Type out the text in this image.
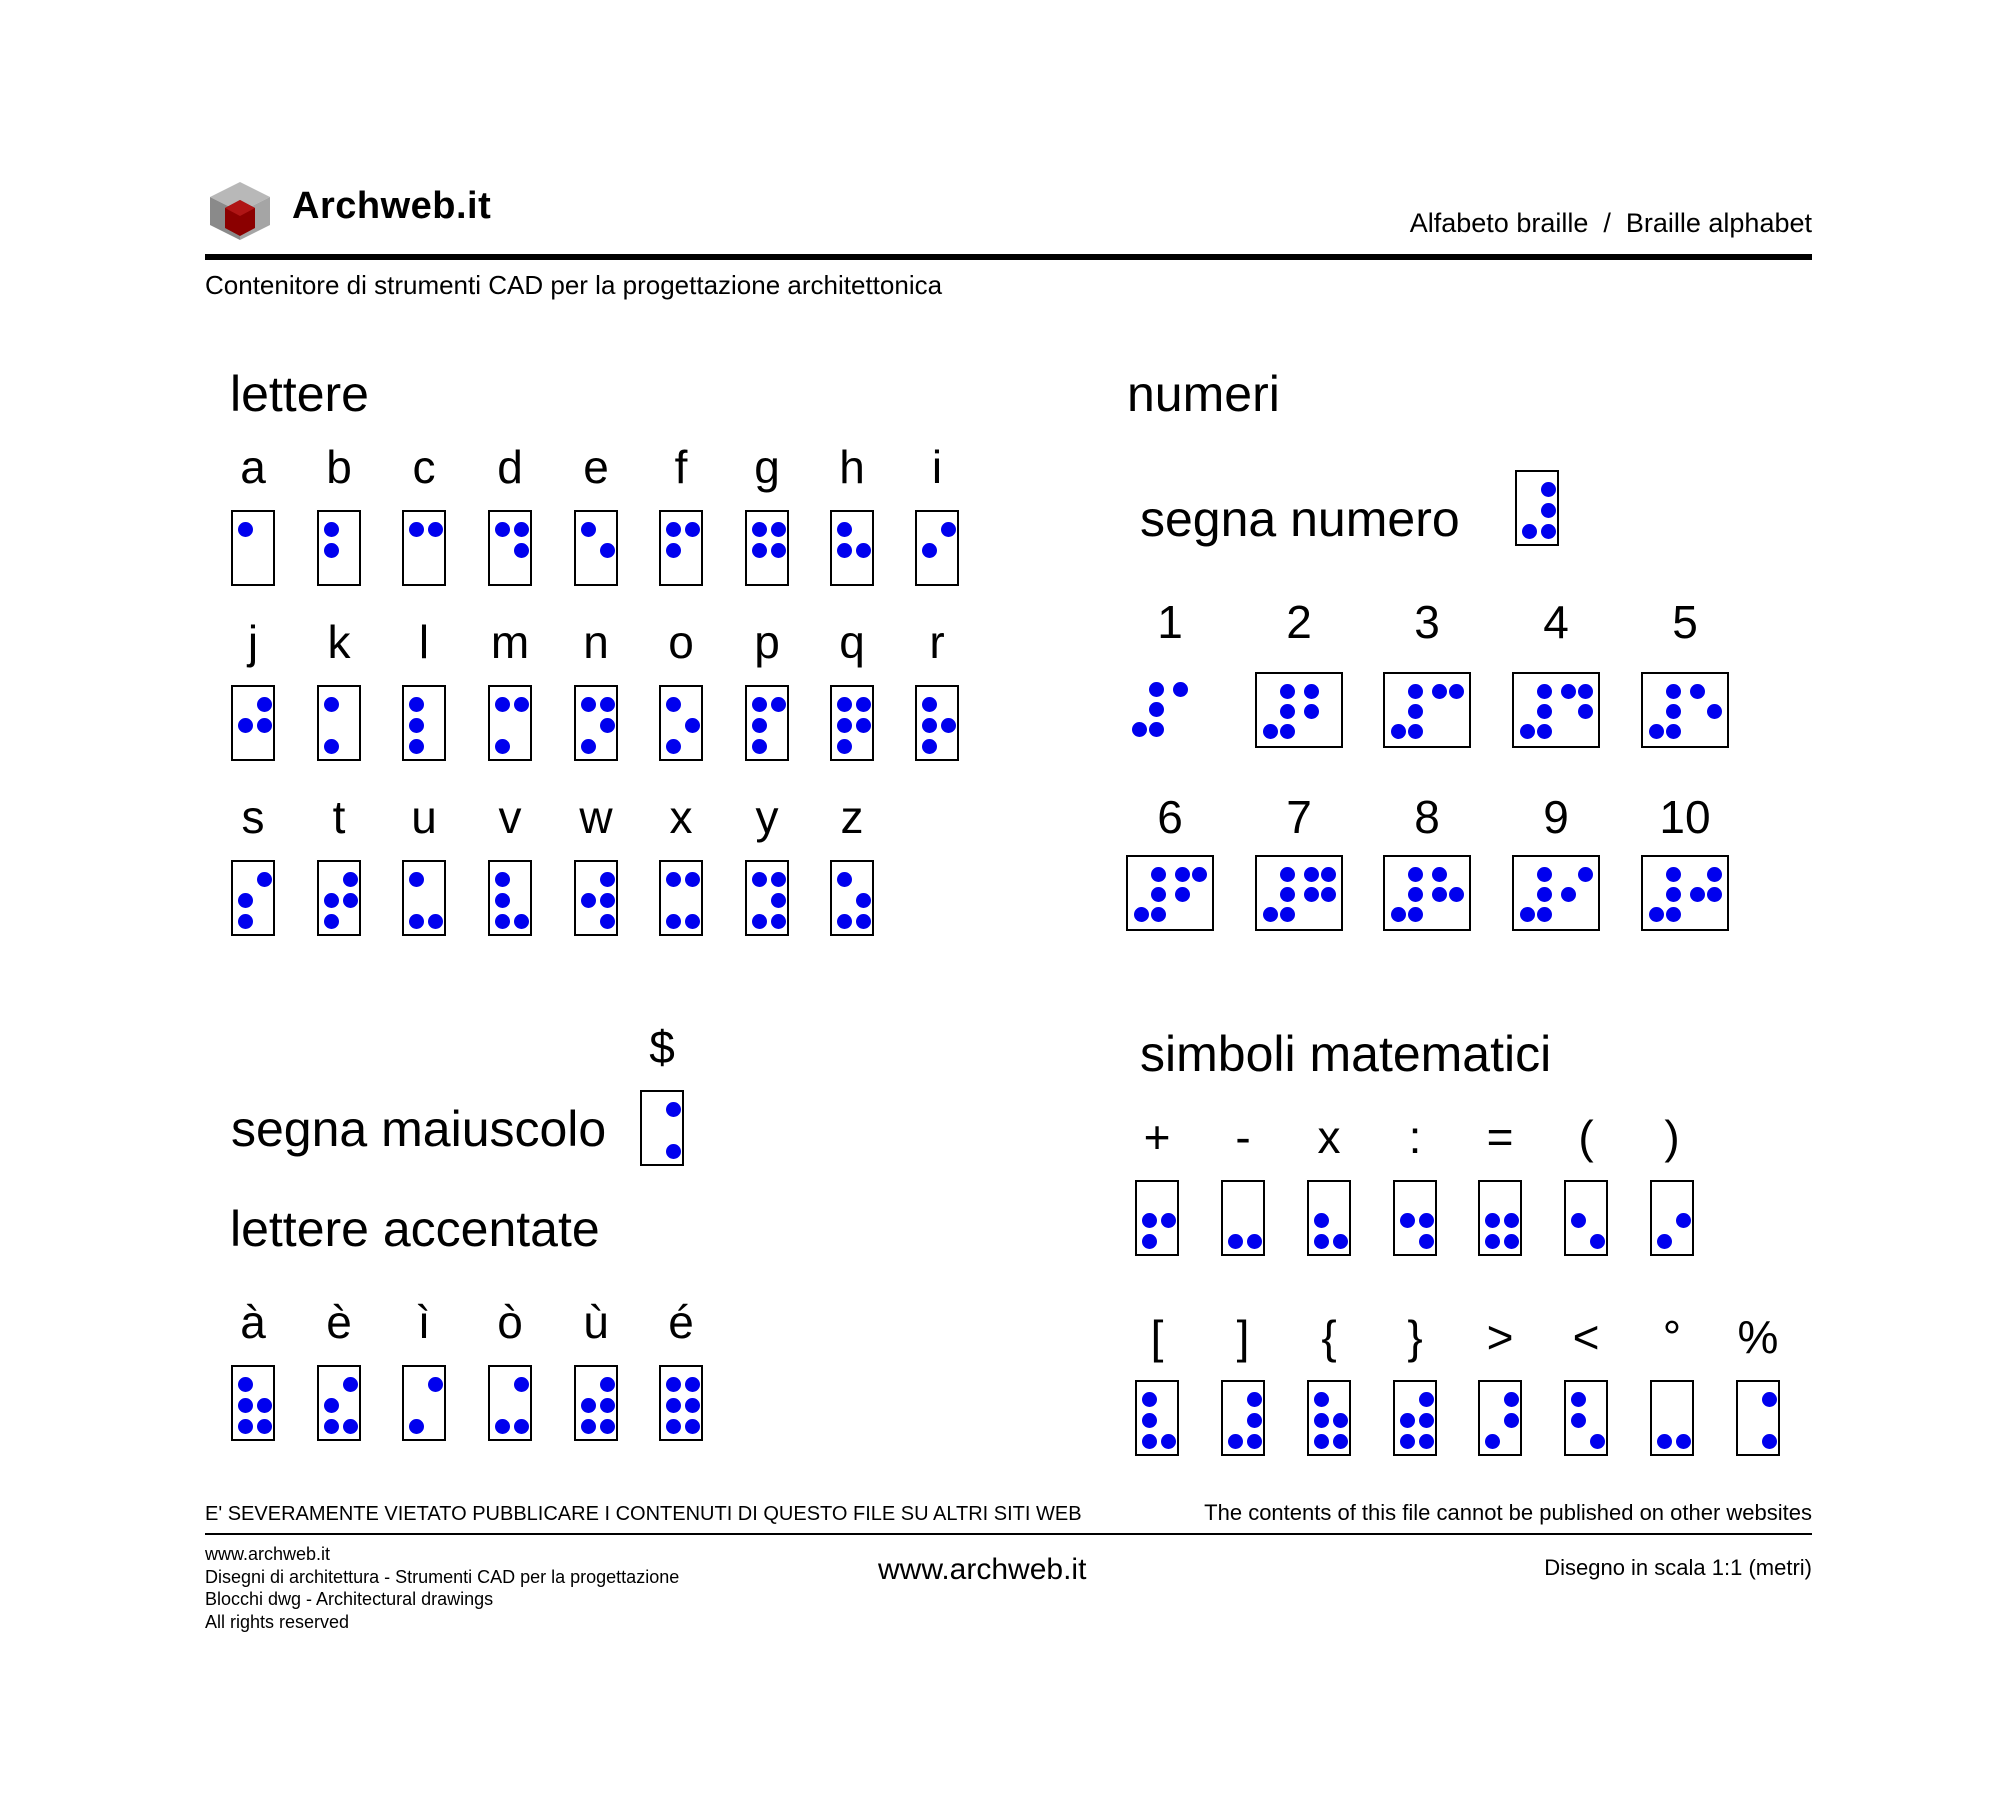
Archweb.it	Alfabeto braille  /  Braille alphabet
Contenitore di strumenti CAD per la progettazione architettonica
lettere	numeri
segna numero
segna maiuscolo
$
lettere accentate
simboli matematici
a	b	c	d	e	f	g	h	i
j	k	l	m	n	o	p	q	r
s	t	u	v	w	x	y	z
à	è	ì	ò	ù	é
1	2	3	4	5
6	7	8	9	10
+	-	x	:	=	(	)
[	]	{	}	>	<	°	%
E' SEVERAMENTE VIETATO PUBBLICARE I CONTENUTI DI QUESTO FILE SU ALTRI SITI WEB	The contents of this file cannot be published on other websites
www.archweb.it
Disegni di architettura - Strumenti CAD per la progettazione
Blocchi dwg - Architectural drawings
All rights reserved
www.archweb.it	Disegno in scala 1:1 (metri)
